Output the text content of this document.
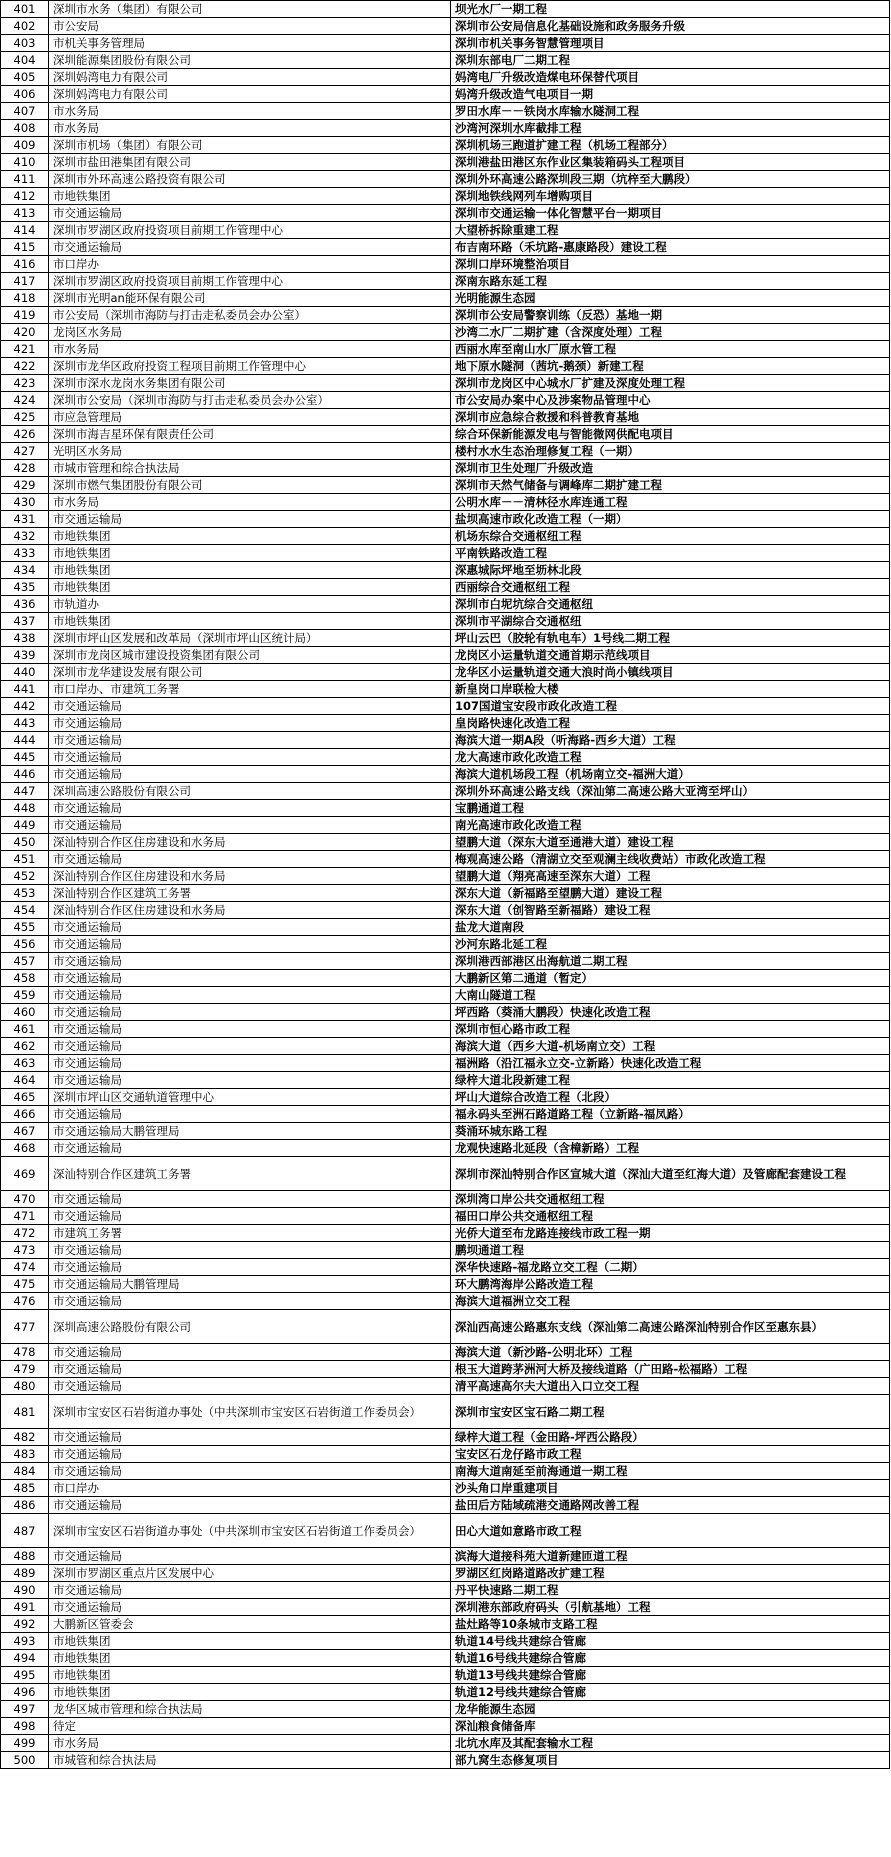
401	深圳市水务（集团）有限公司	坝光水厂一期工程
402	市公安局	深圳市公安局信息化基础设施和政务服务升级
403	市机关事务管理局	深圳市机关事务智慧管理项目
404	深圳能源集团股份有限公司	深圳东部电厂二期工程
405	深圳妈湾电力有限公司	妈湾电厂升级改造煤电环保替代项目
406	深圳妈湾电力有限公司	妈湾升级改造气电项目一期
407	市水务局	罗田水库－－铁岗水库输水隧洞工程
408	市水务局	沙湾河深圳水库截排工程
409	深圳市机场（集团）有限公司	深圳机场三跑道扩建工程（机场工程部分）
410	深圳市盐田港集团有限公司	深圳港盐田港区东作业区集装箱码头工程项目
411	深圳市外环高速公路投资有限公司	深圳外环高速公路深圳段三期（坑梓至大鹏段）
412	市地铁集团	深圳地铁线网列车增购项目
413	市交通运输局	深圳市交通运输一体化智慧平台一期项目
414	深圳市罗湖区政府投资项目前期工作管理中心	大望桥拆除重建工程
415	市交通运输局	布吉南环路（禾坑路-惠康路段）建设工程
416	市口岸办	深圳口岸环境整治项目
417	深圳市罗湖区政府投资项目前期工作管理中心	深南东路东延工程
418	深圳市光明an能环保有限公司	光明能源生态园
419	市公安局（深圳市海防与打击走私委员会办公室）	深圳市公安局警察训练（反恐）基地一期
420	龙岗区水务局	沙湾二水厂二期扩建（含深度处理）工程
421	市水务局	西丽水库至南山水厂原水管工程
422	深圳市龙华区政府投资工程项目前期工作管理中心	地下原水隧洞（茜坑-鹅颈）新建工程
423	深圳市深水龙岗水务集团有限公司	深圳市龙岗区中心城水厂扩建及深度处理工程
424	深圳市公安局（深圳市海防与打击走私委员会办公室）	市公安局办案中心及涉案物品管理中心
425	市应急管理局	深圳市应急综合救援和科普教育基地
426	深圳市海吉星环保有限责任公司	综合环保新能源发电与智能微网供配电项目
427	光明区水务局	楼村水水生态治理修复工程（一期）
428	市城市管理和综合执法局	深圳市卫生处理厂升级改造
429	深圳市燃气集团股份有限公司	深圳市天然气储备与调峰库二期扩建工程
430	市水务局	公明水库－－清林径水库连通工程
431	市交通运输局	盐坝高速市政化改造工程（一期）
432	市地铁集团	机场东综合交通枢纽工程
433	市地铁集团	平南铁路改造工程
434	市地铁集团	深惠城际坪地至坜林北段
435	市地铁集团	西丽综合交通枢纽工程
436	市轨道办	深圳市白坭坑综合交通枢纽
437	市地铁集团	深圳市平湖综合交通枢纽
438	深圳市坪山区发展和改革局（深圳市坪山区统计局）	坪山云巴（胶轮有轨电车）1号线二期工程
439	深圳市龙岗区城市建设投资集团有限公司	龙岗区小运量轨道交通首期示范线项目
440	深圳市龙华建设发展有限公司	龙华区小运量轨道交通大浪时尚小镇线项目
441	市口岸办、市建筑工务署	新皇岗口岸联检大楼
442	市交通运输局	107国道宝安段市政化改造工程
443	市交通运输局	皇岗路快速化改造工程
444	市交通运输局	海滨大道一期A段（听海路-西乡大道）工程
445	市交通运输局	龙大高速市政化改造工程
446	市交通运输局	海滨大道机场段工程（机场南立交-福洲大道）
447	深圳高速公路股份有限公司	深圳外环高速公路支线（深汕第二高速公路大亚湾至坪山）
448	市交通运输局	宝鹏通道工程
449	市交通运输局	南光高速市政化改造工程
450	深汕特别合作区住房建设和水务局	望鹏大道（深东大道至通港大道）建设工程
451	市交通运输局	梅观高速公路（清湖立交至观澜主线收费站）市政化改造工程
452	深汕特别合作区住房建设和水务局	望鹏大道（翔亮高速至深东大道）工程
453	深汕特别合作区建筑工务署	深东大道（新福路至望鹏大道）建设工程
454	深汕特别合作区住房建设和水务局	深东大道（创智路至新福路）建设工程
455	市交通运输局	盐龙大道南段
456	市交通运输局	沙河东路北延工程
457	市交通运输局	深圳港西部港区出海航道二期工程
458	市交通运输局	大鹏新区第二通道（暂定）
459	市交通运输局	大南山隧道工程
460	市交通运输局	坪西路（葵涌大鹏段）快速化改造工程
461	市交通运输局	深圳市恒心路市政工程
462	市交通运输局	海滨大道（西乡大道-机场南立交）工程
463	市交通运输局	福洲路（沿江福永立交-立新路）快速化改造工程
464	市交通运输局	绿梓大道北段新建工程
465	深圳市坪山区交通轨道管理中心	坪山大道综合改造工程（北段）
466	市交通运输局	福永码头至洲石路道路工程（立新路-福凤路）
467	市交通运输局大鹏管理局	葵涌环城东路工程
468	市交通运输局	龙观快速路北延段（含樟新路）工程
469	深汕特别合作区建筑工务署	深圳市深汕特别合作区宣城大道（深汕大道至红海大道）及管廊配套建设工程
470	市交通运输局	深圳湾口岸公共交通枢纽工程
471	市交通运输局	福田口岸公共交通枢纽工程
472	市建筑工务署	光侨大道至布龙路连接线市政工程一期
473	市交通运输局	鹏坝通道工程
474	市交通运输局	深华快速路-福龙路立交工程（二期）
475	市交通运输局大鹏管理局	环大鹏湾海岸公路改造工程
476	市交通运输局	海滨大道福洲立交工程
477	深圳高速公路股份有限公司	深汕西高速公路惠东支线（深汕第二高速公路深汕特别合作区至惠东县）
478	市交通运输局	海滨大道（新沙路-公明北环）工程
479	市交通运输局	根玉大道跨茅洲河大桥及接线道路（广田路-松福路）工程
480	市交通运输局	清平高速高尔夫大道出入口立交工程
481	深圳市宝安区石岩街道办事处（中共深圳市宝安区石岩街道工作委员会）	深圳市宝安区宝石路二期工程
482	市交通运输局	绿梓大道工程（金田路-坪西公路段）
483	市交通运输局	宝安区石龙仔路市政工程
484	市交通运输局	南海大道南延至前海通道一期工程
485	市口岸办	沙头角口岸重建项目
486	市交通运输局	盐田后方陆域疏港交通路网改善工程
487	深圳市宝安区石岩街道办事处（中共深圳市宝安区石岩街道工作委员会）	田心大道如意路市政工程
488	市交通运输局	滨海大道接科苑大道新建匝道工程
489	深圳市罗湖区重点片区发展中心	罗湖区红岗路道路改扩建工程
490	市交通运输局	丹平快速路二期工程
491	市交通运输局	深圳港东部政府码头（引航基地）工程
492	大鹏新区管委会	盐灶路等10条城市支路工程
493	市地铁集团	轨道14号线共建综合管廊
494	市地铁集团	轨道16号线共建综合管廊
495	市地铁集团	轨道13号线共建综合管廊
496	市地铁集团	轨道12号线共建综合管廊
497	龙华区城市管理和综合执法局	龙华能源生态园
498	待定	深汕粮食储备库
499	市水务局	北坑水库及其配套输水工程
500	市城管和综合执法局	部九窝生态修复项目
